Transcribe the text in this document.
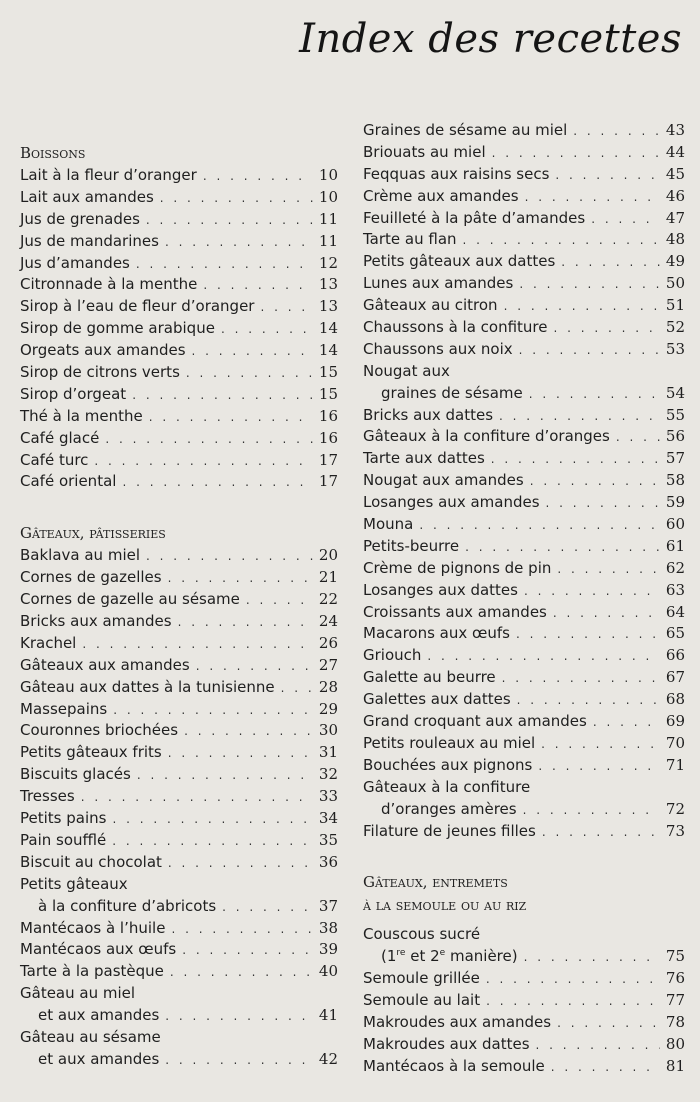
Index des recettes
Boissons
Lait à la fleur d’oranger . . .	10
Lait aux amandes . . .	10
Jus de grenades . . .	11
Jus de mandarines . . .	11
Jus d’amandes . . .	12
Citronnade à la menthe . . .	13
Sirop à l’eau de fleur d’oranger . . .	13
Sirop de gomme arabique . . .	14
Orgeats aux amandes . . .	14
Sirop de citrons verts . . .	15
Sirop d’orgeat . . .	15
Thé à la menthe . . .	16
Café glacé . . .	16
Café turc . . .	17
Café oriental . . .	17
Gâteaux, pâtisseries
Baklava au miel . . .	20
Cornes de gazelles . . .	21
Cornes de gazelle au sésame . . .	22
Bricks aux amandes . . .	24
Krachel . . .	26
Gâteaux aux amandes . . .	27
Gâteau aux dattes à la tunisienne . . .	28
Massepains . . .	29
Couronnes briochées . . .	30
Petits gâteaux frits . . .	31
Biscuits glacés . . .	32
Tresses . . .	33
Petits pains . . .	34
Pain soufflé . . .	35
Biscuit au chocolat . . .	36
Petits gâteaux
à la confiture d’abricots . . .	37
Mantécaos à l’huile . . .	38
Mantécaos aux œufs . . .	39
Tarte à la pastèque . . .	40
Gâteau au miel
et aux amandes . . .	41
Gâteau au sésame
et aux amandes . . .	42
Graines de sésame au miel . . .	43
Briouats au miel . . .	44
Feqquas aux raisins secs . . .	45
Crème aux amandes . . .	46
Feuilleté à la pâte d’amandes . . .	47
Tarte au flan . . .	48
Petits gâteaux aux dattes . . .	49
Lunes aux amandes . . .	50
Gâteaux au citron . . .	51
Chaussons à la confiture . . .	52
Chaussons aux noix . . .	53
Nougat aux
graines de sésame . . .	54
Bricks aux dattes . . .	55
Gâteaux à la confiture d’oranges . . .	56
Tarte aux dattes . . .	57
Nougat aux amandes . . .	58
Losanges aux amandes . . .	59
Mouna . . .	60
Petits-beurre . . .	61
Crème de pignons de pin . . .	62
Losanges aux dattes . . .	63
Croissants aux amandes . . .	64
Macarons aux œufs . . .	65
Griouch . . .	66
Galette au beurre . . .	67
Galettes aux dattes . . .	68
Grand croquant aux amandes . . .	69
Petits rouleaux au miel . . .	70
Bouchées aux pignons . . .	71
Gâteaux à la confiture
d’oranges amères . . .	72
Filature de jeunes filles . . .	73
Gâteaux, entremets
à la semoule ou au riz
Couscous sucré
(1re et 2e manière) . . .	75
Semoule grillée . . .	76
Semoule au lait . . .	77
Makroudes aux amandes . . .	78
Makroudes aux dattes . . .	80
Mantécaos à la semoule . . .	81
